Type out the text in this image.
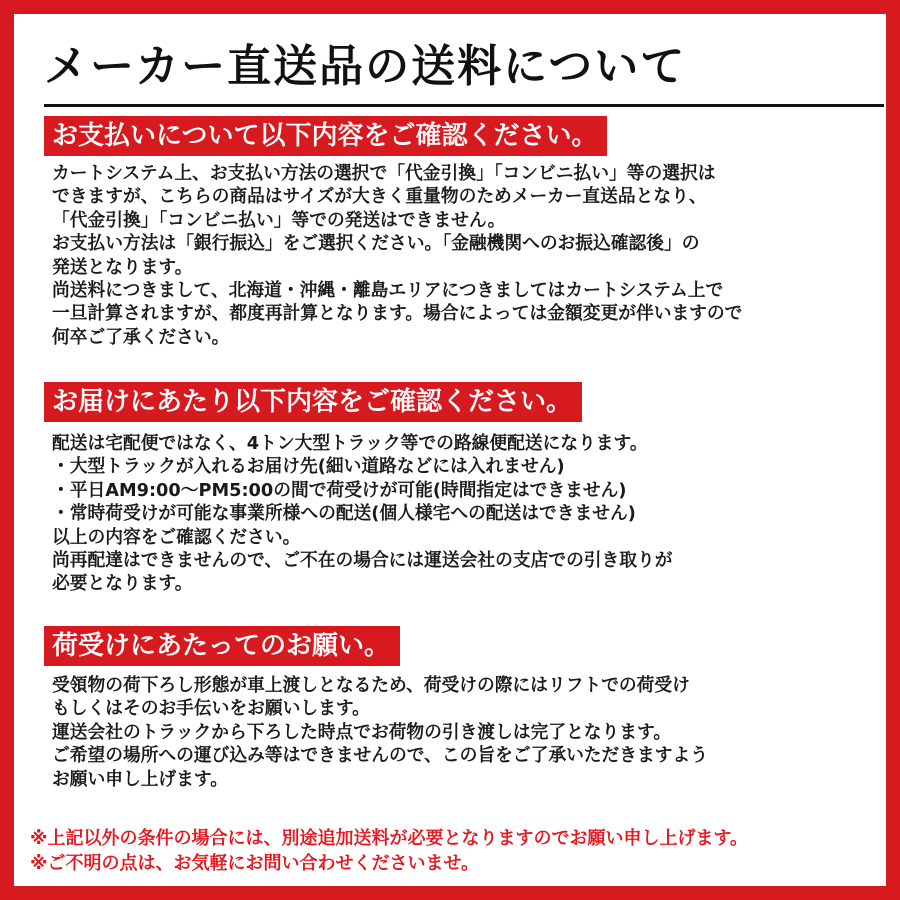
メーカー直送品の送料について
お支払いについて以下内容をご確認ください。
カートシステム上、お支払い方法の選択で「代金引換」「コンビニ払い」等の選択は
できますが、こちらの商品はサイズが大きく重量物のためメーカー直送品となり、
「代金引換」「コンビニ払い」等での発送はできません。
お支払い方法は「銀行振込」をご選択ください。「金融機関へのお振込確認後」の
発送となります。
尚送料につきまして、北海道・沖縄・離島エリアにつきましてはカートシステム上で
一旦計算されますが、都度再計算となります。場合によっては金額変更が伴いますので
何卒ご了承ください。
お届けにあたり以下内容をご確認ください。
配送は宅配便ではなく、4トン大型トラック等での路線便配送になります。
・大型トラックが入れるお届け先(細い道路などには入れません)
・平日AM9:00〜PM5:00の間で荷受けが可能(時間指定はできません)
・常時荷受けが可能な事業所様への配送(個人様宅への配送はできません)
以上の内容をご確認ください。
尚再配達はできませんので、ご不在の場合には運送会社の支店での引き取りが
必要となります。
荷受けにあたってのお願い。
受領物の荷下ろし形態が車上渡しとなるため、荷受けの際にはリフトでの荷受け
もしくはそのお手伝いをお願いします。
運送会社のトラックから下ろした時点でお荷物の引き渡しは完了となります。
ご希望の場所への運び込み等はできませんので、この旨をご了承いただきますよう
お願い申し上げます。
※上記以外の条件の場合には、別途追加送料が必要となりますのでお願い申し上げます。
※ご不明の点は、お気軽にお問い合わせくださいませ。
